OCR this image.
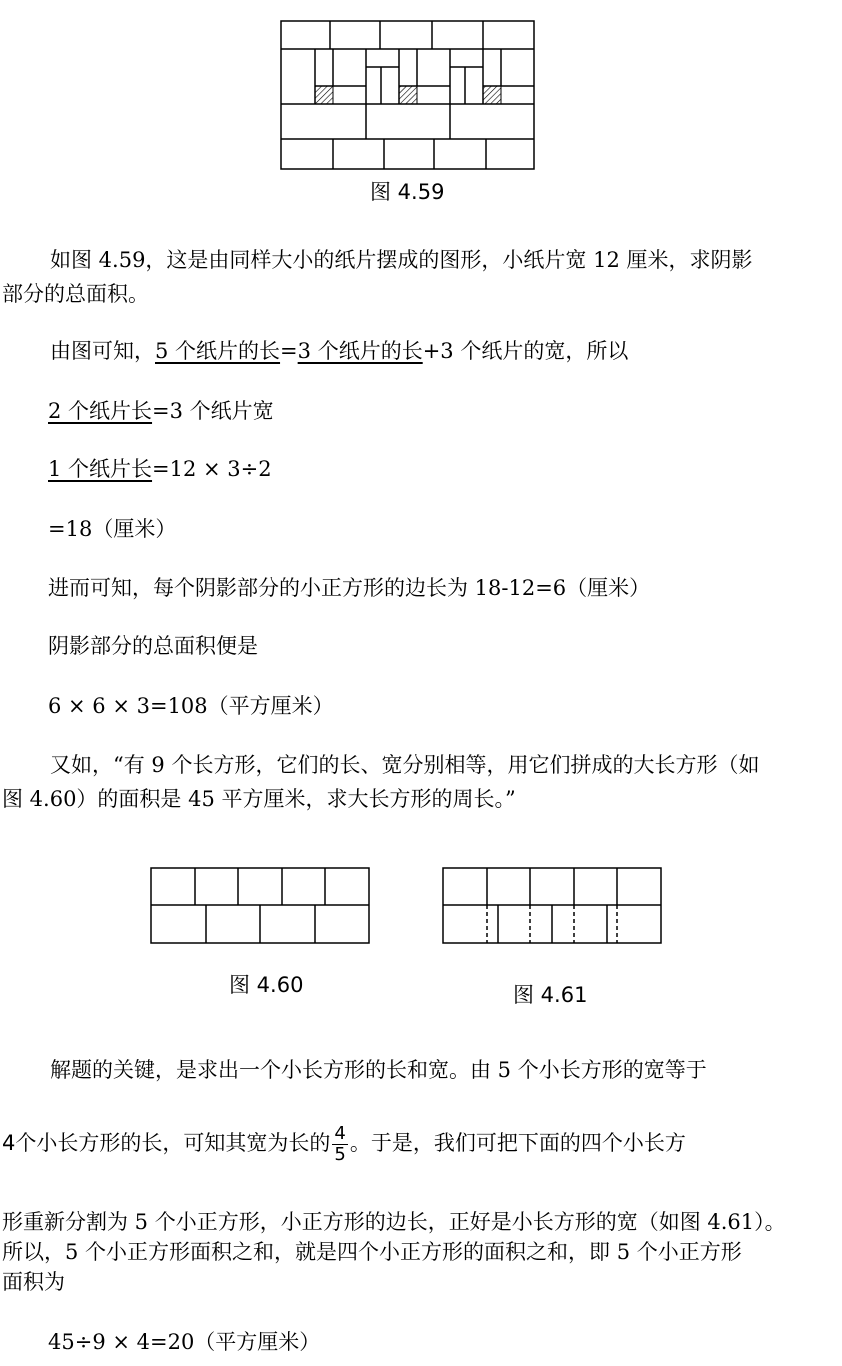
图 4.59
如图 4.59，这是由同样大小的纸片摆成的图形，小纸片宽 12 厘米，求阴影
部分的总面积。
由图可知，5 个纸片的长=3 个纸片的长+3 个纸片的宽，所以
2 个纸片长=3 个纸片宽
1 个纸片长=12 × 3÷2
=18（厘米）
进而可知，每个阴影部分的小正方形的边长为 18-12=6（厘米）
阴影部分的总面积便是
6 × 6 × 3=108（平方厘米）
又如，“有 9 个长方形，它们的长、宽分别相等，用它们拼成的大长方形（如
图 4.60）的面积是 45 平方厘米，求大长方形的周长。”
图 4.60	图 4.61
解题的关键，是求出一个小长方形的长和宽。由 5 个小长方形的宽等于
4个小长方形的长，可知其宽为长的 $\frac{4}{5}$ 。于是，我们可把下面的四个小长方
形重新分割为 5 个小正方形，小正方形的边长，正好是小长方形的宽（如图 4.61）。
所以，5 个小正方形面积之和，就是四个小正方形的面积之和，即 5 个小正方形
面积为
45÷9 × 4=20（平方厘米）
